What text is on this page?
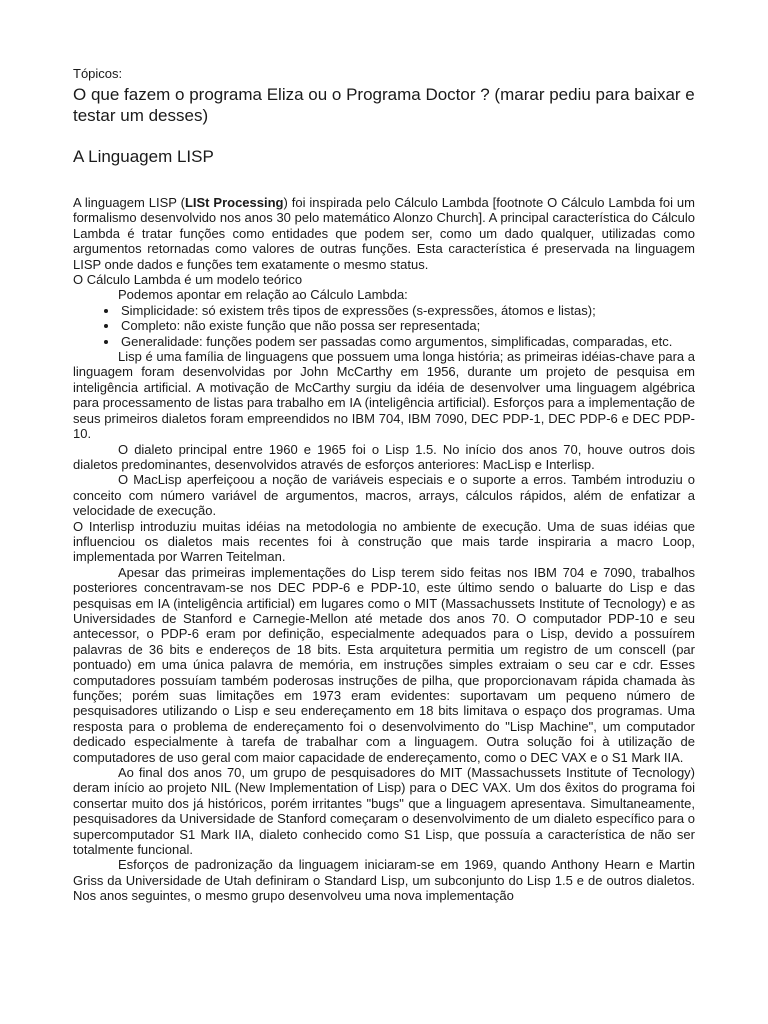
Tópicos:

O que fazem o programa Eliza ou o Programa Doctor ? (marar pediu para baixar e testar um desses)
A Linguagem LISP

A linguagem LISP (LISt Processing) foi inspirada pelo Cálculo Lambda [footnote O Cálculo Lambda foi um formalismo desenvolvido nos anos 30 pelo matemático Alonzo Church]. A principal característica do Cálculo Lambda é tratar funções como entidades que podem ser, como um dado qualquer, utilizadas como argumentos retornadas como valores de outras funções. Esta característica é preservada na linguagem LISP onde dados e funções tem exatamente o mesmo status.

O Cálculo Lambda é um modelo teórico

Podemos apontar em relação ao Cálculo Lambda:

• Simplicidade: só existem três tipos de expressões (s-expressões, átomos e listas);
• Completo: não existe função que não possa ser representada;
• Generalidade: funções podem ser passadas como argumentos, simplificadas, comparadas, etc.

Lisp é uma família de linguagens que possuem uma longa história; as primeiras idéias-chave para a linguagem foram desenvolvidas por John McCarthy em 1956, durante um projeto de pesquisa em inteligência artificial. A motivação de McCarthy surgiu da idéia de desenvolver uma linguagem algébrica para processamento de listas para trabalho em IA (inteligência artificial). Esforços para a implementação de seus primeiros dialetos foram empreendidos no IBM 704, IBM 7090, DEC PDP-1, DEC PDP-6 e DEC PDP-10.

O dialeto principal entre 1960 e 1965 foi o Lisp 1.5. No início dos anos 70, houve outros dois dialetos predominantes, desenvolvidos através de esforços anteriores: MacLisp e Interlisp.

O MacLisp aperfeiçoou a noção de variáveis especiais e o suporte a erros. Também introduziu o conceito com número variável de argumentos, macros, arrays, cálculos rápidos, além de enfatizar a velocidade de execução.

O Interlisp introduziu muitas idéias na metodologia no ambiente de execução. Uma de suas idéias que influenciou os dialetos mais recentes foi à construção que mais tarde inspiraria a macro Loop, implementada por Warren Teitelman.

Apesar das primeiras implementações do Lisp terem sido feitas nos IBM 704 e 7090, trabalhos posteriores concentravam-se nos DEC PDP-6 e PDP-10, este último sendo o baluarte do Lisp e das pesquisas em IA (inteligência artificial) em lugares como o MIT (Massachussets Institute of Tecnology) e as Universidades de Stanford e Carnegie-Mellon até metade dos anos 70. O computador PDP-10 e seu antecessor, o PDP-6 eram por definição, especialmente adequados para o Lisp, devido a possuírem palavras de 36 bits e endereços de 18 bits. Esta arquitetura permitia um registro de um conscell (par pontuado) em uma única palavra de memória, em instruções simples extraiam o seu car e cdr. Esses computadores possuíam também poderosas instruções de pilha, que proporcionavam rápida chamada às funções; porém suas limitações em 1973 eram evidentes: suportavam um pequeno número de pesquisadores utilizando o Lisp e seu endereçamento em 18 bits limitava o espaço dos programas. Uma resposta para o problema de endereçamento foi o desenvolvimento do "Lisp Machine", um computador dedicado especialmente à tarefa de trabalhar com a linguagem. Outra solução foi à utilização de computadores de uso geral com maior capacidade de endereçamento, como o DEC VAX e o S1 Mark IIA.

Ao final dos anos 70, um grupo de pesquisadores do MIT (Massachussets Institute of Tecnology) deram início ao projeto NIL (New Implementation of Lisp) para o DEC VAX. Um dos êxitos do programa foi consertar muito dos já históricos, porém irritantes "bugs" que a linguagem apresentava. Simultaneamente, pesquisadores da Universidade de Stanford começaram o desenvolvimento de um dialeto específico para o supercomputador S1 Mark IIA, dialeto conhecido como S1 Lisp, que possuía a característica de não ser totalmente funcional.

Esforços de padronização da linguagem iniciaram-se em 1969, quando Anthony Hearn e Martin Griss da Universidade de Utah definiram o Standard Lisp, um subconjunto do Lisp 1.5 e de outros dialetos. Nos anos seguintes, o mesmo grupo desenvolveu uma nova implementação
